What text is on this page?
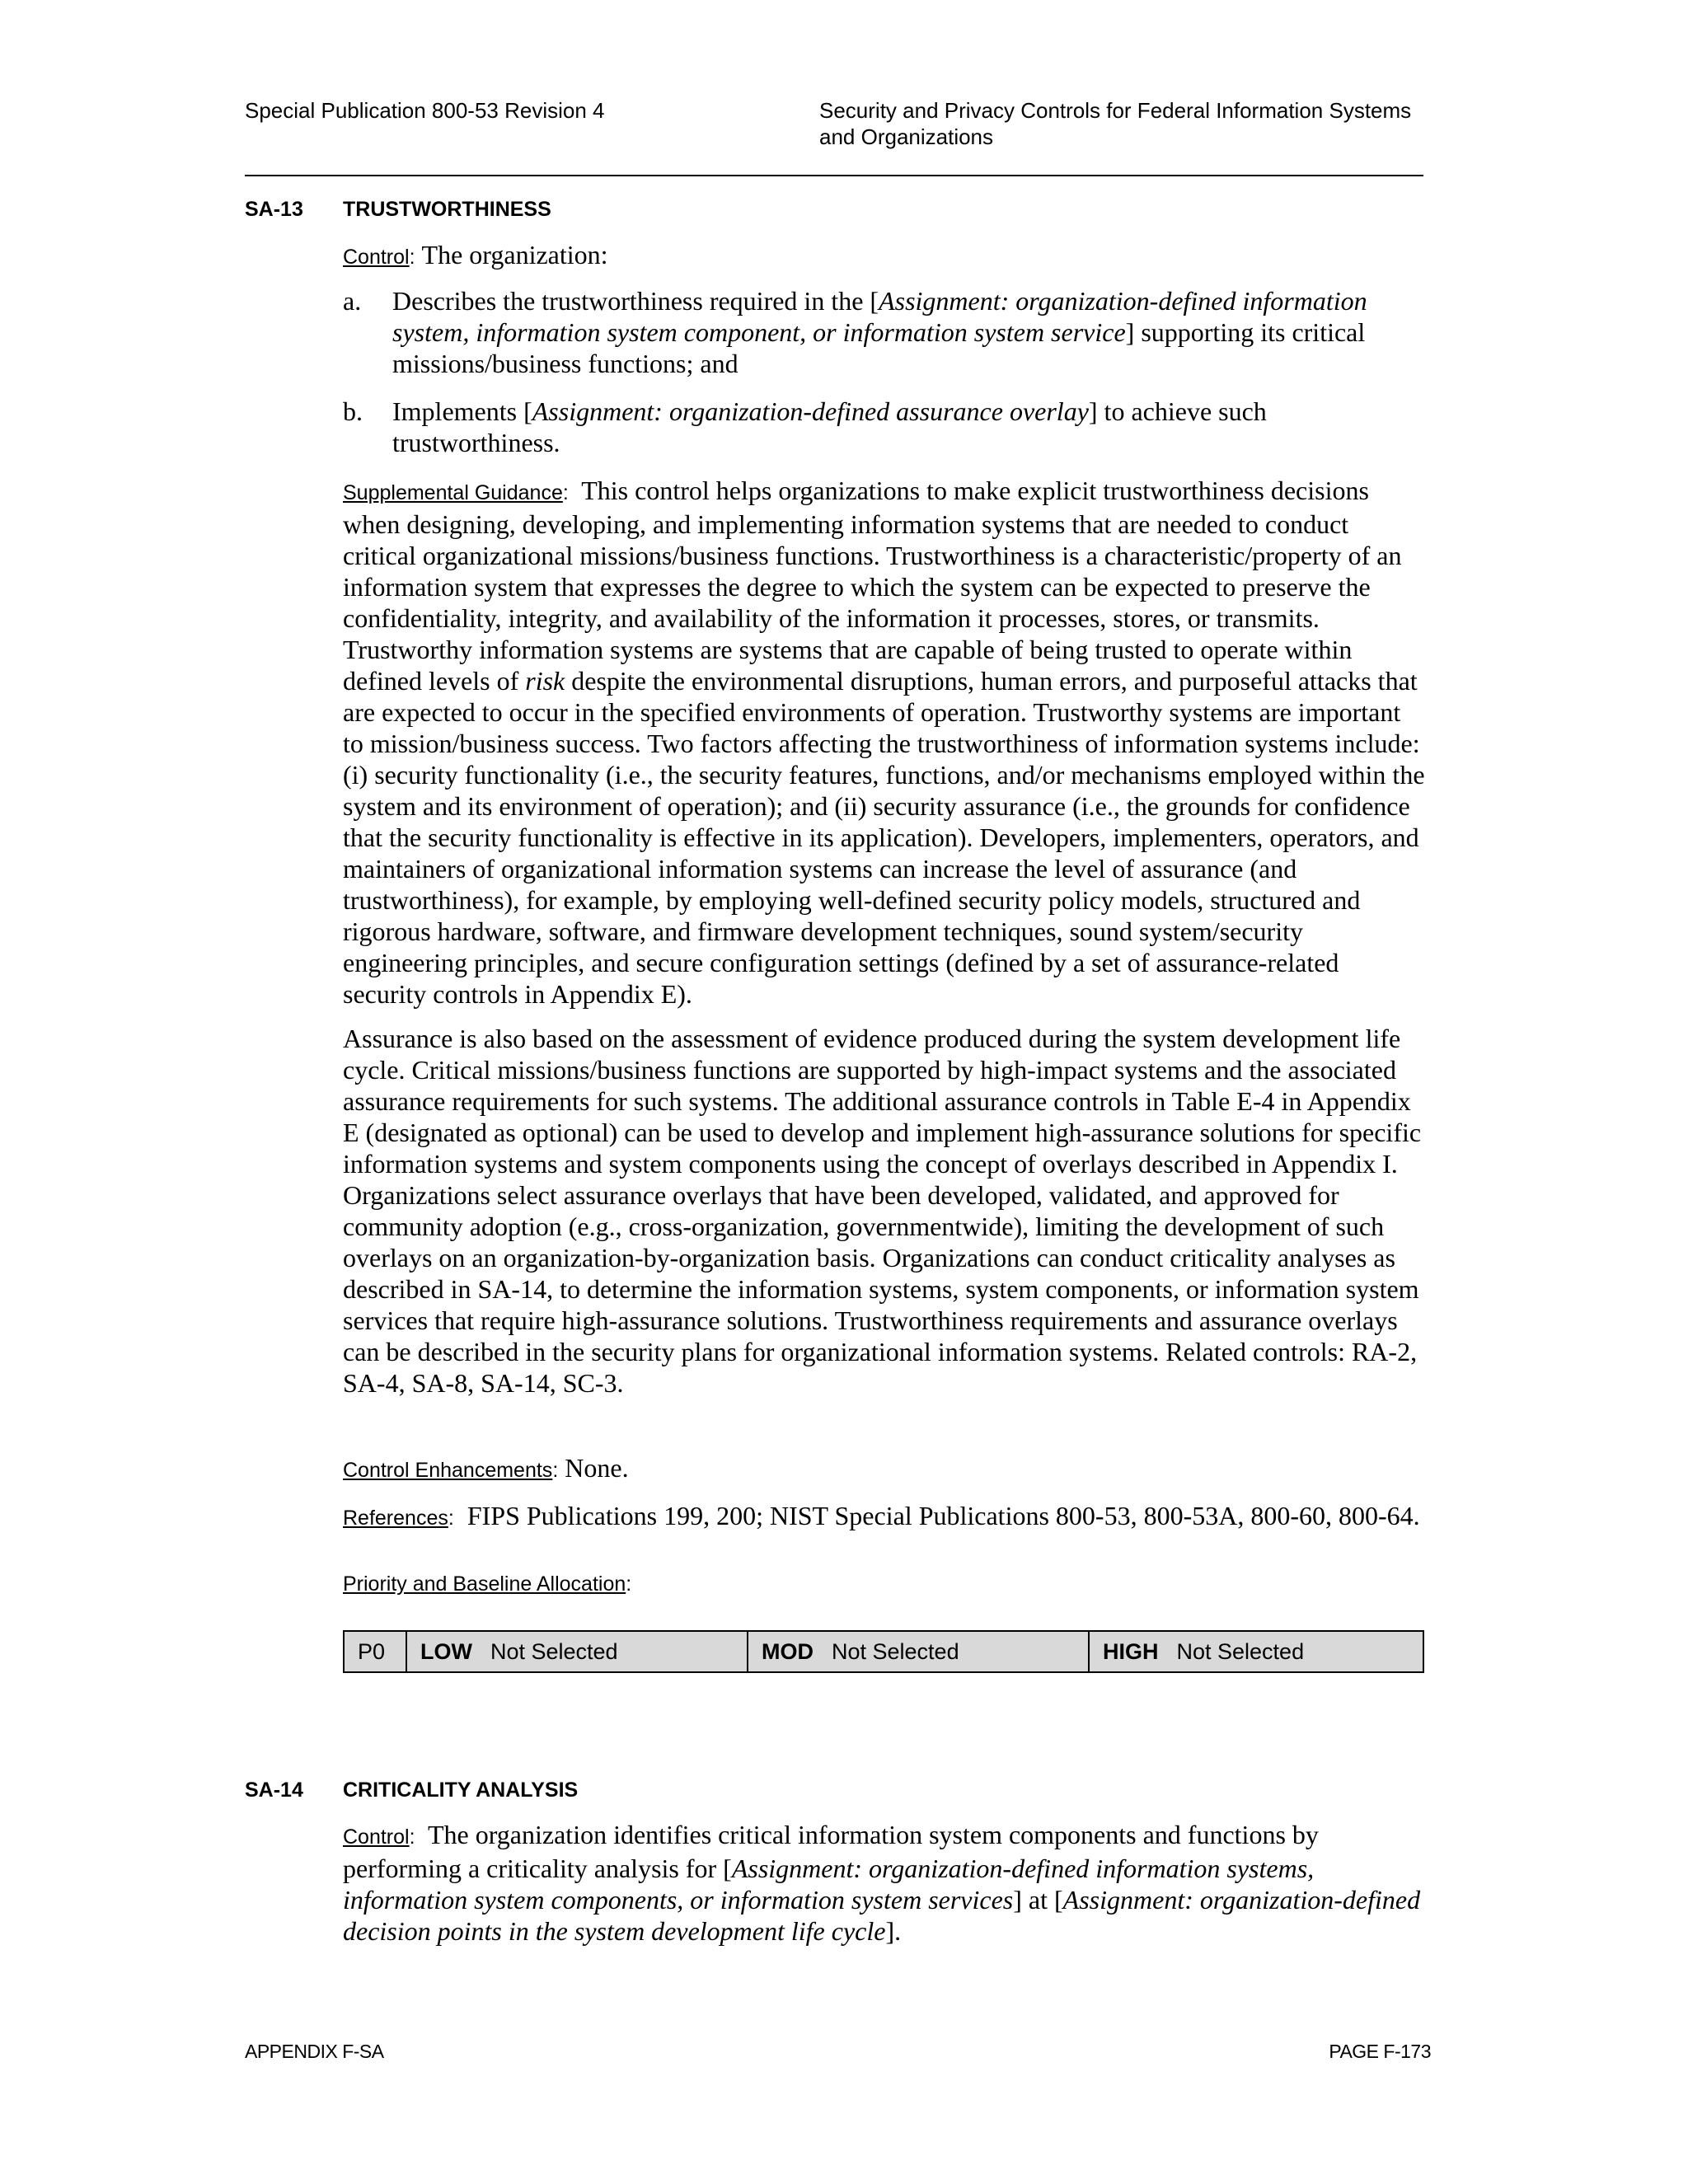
Special Publication 800-53 Revision 4	Security and Privacy Controls for Federal Information Systems
and Organizations
SA-13 TRUSTWORTHINESS
Control: The organization:
a. Describes the trustworthiness required in the [Assignment: organization-defined information system, information system component, or information system service] supporting its critical missions/business functions; and
b. Implements [Assignment: organization-defined assurance overlay] to achieve such trustworthiness.

Supplemental Guidance: This control helps organizations to make explicit trustworthiness decisions when designing, developing, and implementing information systems that are needed to conduct critical organizational missions/business functions. Trustworthiness is a characteristic/property of an information system that expresses the degree to which the system can be expected to preserve the confidentiality, integrity, and availability of the information it processes, stores, or transmits. Trustworthy information systems are systems that are capable of being trusted to operate within defined levels of risk despite the environmental disruptions, human errors, and purposeful attacks that are expected to occur in the specified environments of operation. Trustworthy systems are important to mission/business success. Two factors affecting the trustworthiness of information systems include: (i) security functionality (i.e., the security features, functions, and/or mechanisms employed within the system and its environment of operation); and (ii) security assurance (i.e., the grounds for confidence that the security functionality is effective in its application). Developers, implementers, operators, and maintainers of organizational information systems can increase the level of assurance (and trustworthiness), for example, by employing well-defined security policy models, structured and rigorous hardware, software, and firmware development techniques, sound system/security engineering principles, and secure configuration settings (defined by a set of assurance-related security controls in Appendix E).

Assurance is also based on the assessment of evidence produced during the system development life cycle. Critical missions/business functions are supported by high-impact systems and the associated assurance requirements for such systems. The additional assurance controls in Table E-4 in Appendix E (designated as optional) can be used to develop and implement high-assurance solutions for specific information systems and system components using the concept of overlays described in Appendix I. Organizations select assurance overlays that have been developed, validated, and approved for community adoption (e.g., cross-organization, governmentwide), limiting the development of such overlays on an organization-by-organization basis. Organizations can conduct criticality analyses as described in SA-14, to determine the information systems, system components, or information system services that require high-assurance solutions. Trustworthiness requirements and assurance overlays can be described in the security plans for organizational information systems. Related controls: RA-2, SA-4, SA-8, SA-14, SC-3.

Control Enhancements: None.
References: FIPS Publications 199, 200; NIST Special Publications 800-53, 800-53A, 800-60, 800-64.
Priority and Baseline Allocation:
P0	LOW Not Selected	MOD Not Selected	HIGH Not Selected
SA-14 CRITICALITY ANALYSIS
Control: The organization identifies critical information system components and functions by performing a criticality analysis for [Assignment: organization-defined information systems, information system components, or information system services] at [Assignment: organization-defined decision points in the system development life cycle].
APPENDIX F-SA	PAGE F-173
